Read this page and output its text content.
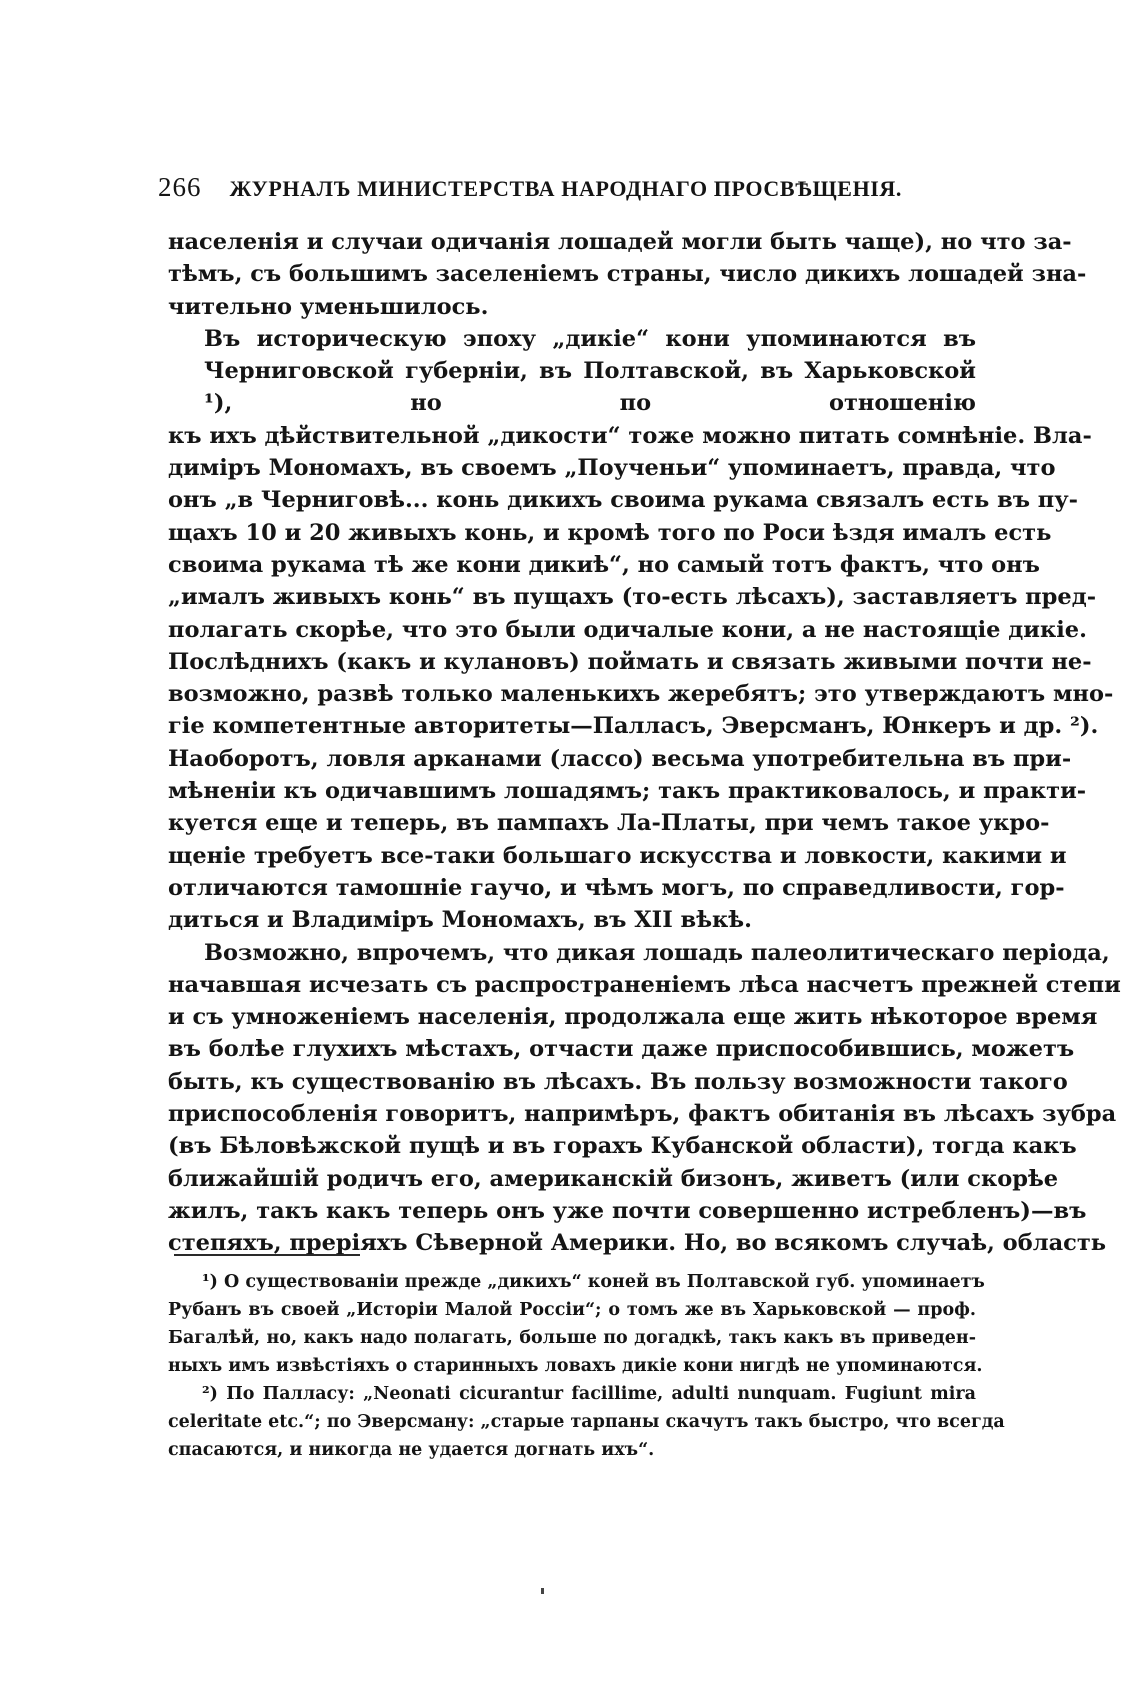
266 ЖУРНАЛЪ МИНИСТЕРСТВА НАРОДНАГО ПРОСВѢЩЕНІЯ.
населенія и случаи одичанія лошадей могли быть чаще), но что за-
тѣмъ, съ большимъ заселеніемъ страны, число дикихъ лошадей зна-
чительно уменьшилось.
Въ историческую эпоху „дикіе“ кони упоминаются въ Черниговской губерніи, въ Полтавской, въ Харьковской ¹), но по отношенію
къ ихъ дѣйствительной „дикости“ тоже можно питать сомнѣніе. Вла-
диміръ Мономахъ, въ своемъ „Поученьи“ упоминаетъ, правда, что
онъ „в Черниговѣ... конь дикихъ своима рукама связалъ есть въ пу-
щахъ 10 и 20 живыхъ конь, и кромѣ того по Роси ѣздя ималъ есть
своима рукама тѣ же кони дикиѣ“, но самый тотъ фактъ, что онъ
„ималъ живыхъ конь“ въ пущахъ (то-есть лѣсахъ), заставляетъ пред-
полагать скорѣе, что это были одичалые кони, а не настоящіе дикіе.
Послѣднихъ (какъ и кулановъ) поймать и связать живыми почти не-
возможно, развѣ только маленькихъ жеребятъ; это утверждаютъ мно-
гіе компетентные авторитеты—Палласъ, Эверсманъ, Юнкеръ и др. ²).
Наоборотъ, ловля арканами (лассо) весьма употребительна въ при-
мѣненіи къ одичавшимъ лошадямъ; такъ практиковалось, и практи-
куется еще и теперь, въ пампахъ Ла-Платы, при чемъ такое укро-
щеніе требуетъ все-таки большаго искусства и ловкости, какими и
отличаются тамошніе гаучо, и чѣмъ могъ, по справедливости, гор-
диться и Владиміръ Мономахъ, въ XII вѣкѣ.
Возможно, впрочемъ, что дикая лошадь палеолитическаго періода,
начавшая исчезать съ распространеніемъ лѣса насчетъ прежней степи
и съ умноженіемъ населенія, продолжала еще жить нѣкоторое время
въ болѣе глухихъ мѣстахъ, отчасти даже приспособившись, можетъ
быть, къ существованію въ лѣсахъ. Въ пользу возможности такого
приспособленія говоритъ, напримѣръ, фактъ обитанія въ лѣсахъ зубра
(въ Бѣловѣжской пущѣ и въ горахъ Кубанской области), тогда какъ
ближайшій родичъ его, американскій бизонъ, живетъ (или скорѣе
жилъ, такъ какъ теперь онъ уже почти совершенно истребленъ)—въ
степяхъ, преріяхъ Сѣверной Америки. Но, во всякомъ случаѣ, область
¹) О существованіи прежде „дикихъ“ коней въ Полтавской губ. упоминаетъ
Рубанъ въ своей „Исторіи Малой Россіи“; о томъ же въ Харьковской — проф.
Багалѣй, но, какъ надо полагать, больше по догадкѣ, такъ какъ въ приведен-
ныхъ имъ извѣстіяхъ о старинныхъ ловахъ дикіе кони нигдѣ не упоминаются.
²) По Палласу: „Neonati cicurantur facillime, adulti nunquam. Fugiunt mira
celeritate etc.“; по Эверсману: „старые тарпаны скачутъ такъ быстро, что всегда
спасаются, и никогда не удается догнать ихъ“.
